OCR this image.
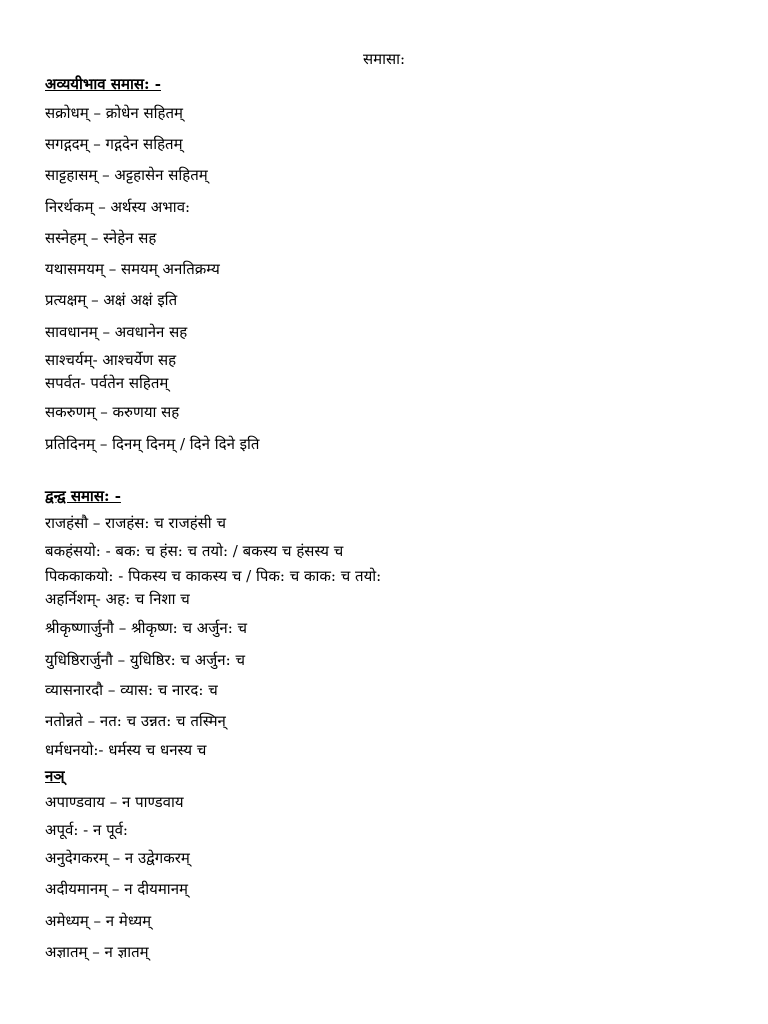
समासा:
अव्ययीभाव समास: -
सक्रोधम् – क्रोधेन सहितम्
सगद्गदम् – गद्गदेन सहितम्
साट्टहासम् – अट्टहासेन सहितम्
निरर्थकम् – अर्थस्य अभाव:
सस्नेहम् – स्नेहेन सह
यथासमयम् – समयम् अनतिक्रम्य
प्रत्यक्षम् – अक्षं अक्षं इति
सावधानम् – अवधानेन सह
साश्चर्यम्- आश्चर्येण सह
सपर्वत- पर्वतेन सहितम्
सकरुणम् – करुणया सह
प्रतिदिनम् – दिनम् दिनम् / दिने दिने इति
द्वन्द्व समास: -
राजहंसौ – राजहंस: च राजहंसी च
बकहंसयो: - बक: च हंस: च तयो: / बकस्य च हंसस्य च
पिककाकयो: - पिकस्य च काकस्य च / पिक: च काक: च तयो:
अहर्निशम्- अह: च निशा च
श्रीकृष्णार्जुनौ – श्रीकृष्ण: च अर्जुन: च
युधिष्ठिरार्जुनौ – युधिष्ठिर: च अर्जुन: च
व्यासनारदौ – व्यास: च नारद: च
नतोन्नते – नत: च उन्नत: च तस्मिन्
धर्मधनयो:- धर्मस्य च धनस्य च
नञ्
अपाण्डवाय – न पाण्डवाय
अपूर्व: - न पूर्व:
अनुदेगकरम् – न उद्वेगकरम्
अदीयमानम् – न दीयमानम्
अमेध्यम् – न मेध्यम्
अज्ञातम् – न ज्ञातम्
